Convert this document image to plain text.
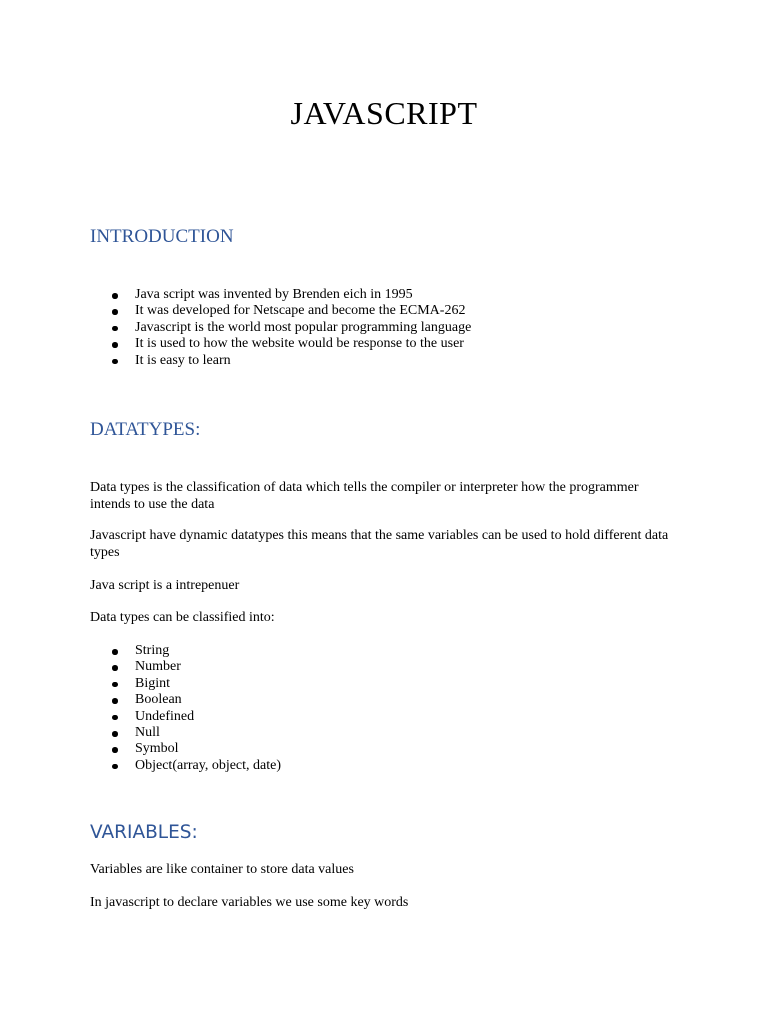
JAVASCRIPT
INTRODUCTION
Java script was invented by Brenden eich in 1995
It was developed for Netscape and become the ECMA-262
Javascript is the world most popular programming language
It is used to how the website would be response to the user
It is easy to learn
DATATYPES:

Data types is the classification of data which tells the compiler or interpreter how the programmer intends to use the data

Javascript have dynamic datatypes this means that the same variables can be used to hold different data types

Java script is a intrepenuer

Data types can be classified into:

String
Number
Bigint
Boolean
Undefined
Null
Symbol
Object(array, object, date)
VARIABLES:

Variables are like container to store data values

In javascript to declare variables we use some key words
